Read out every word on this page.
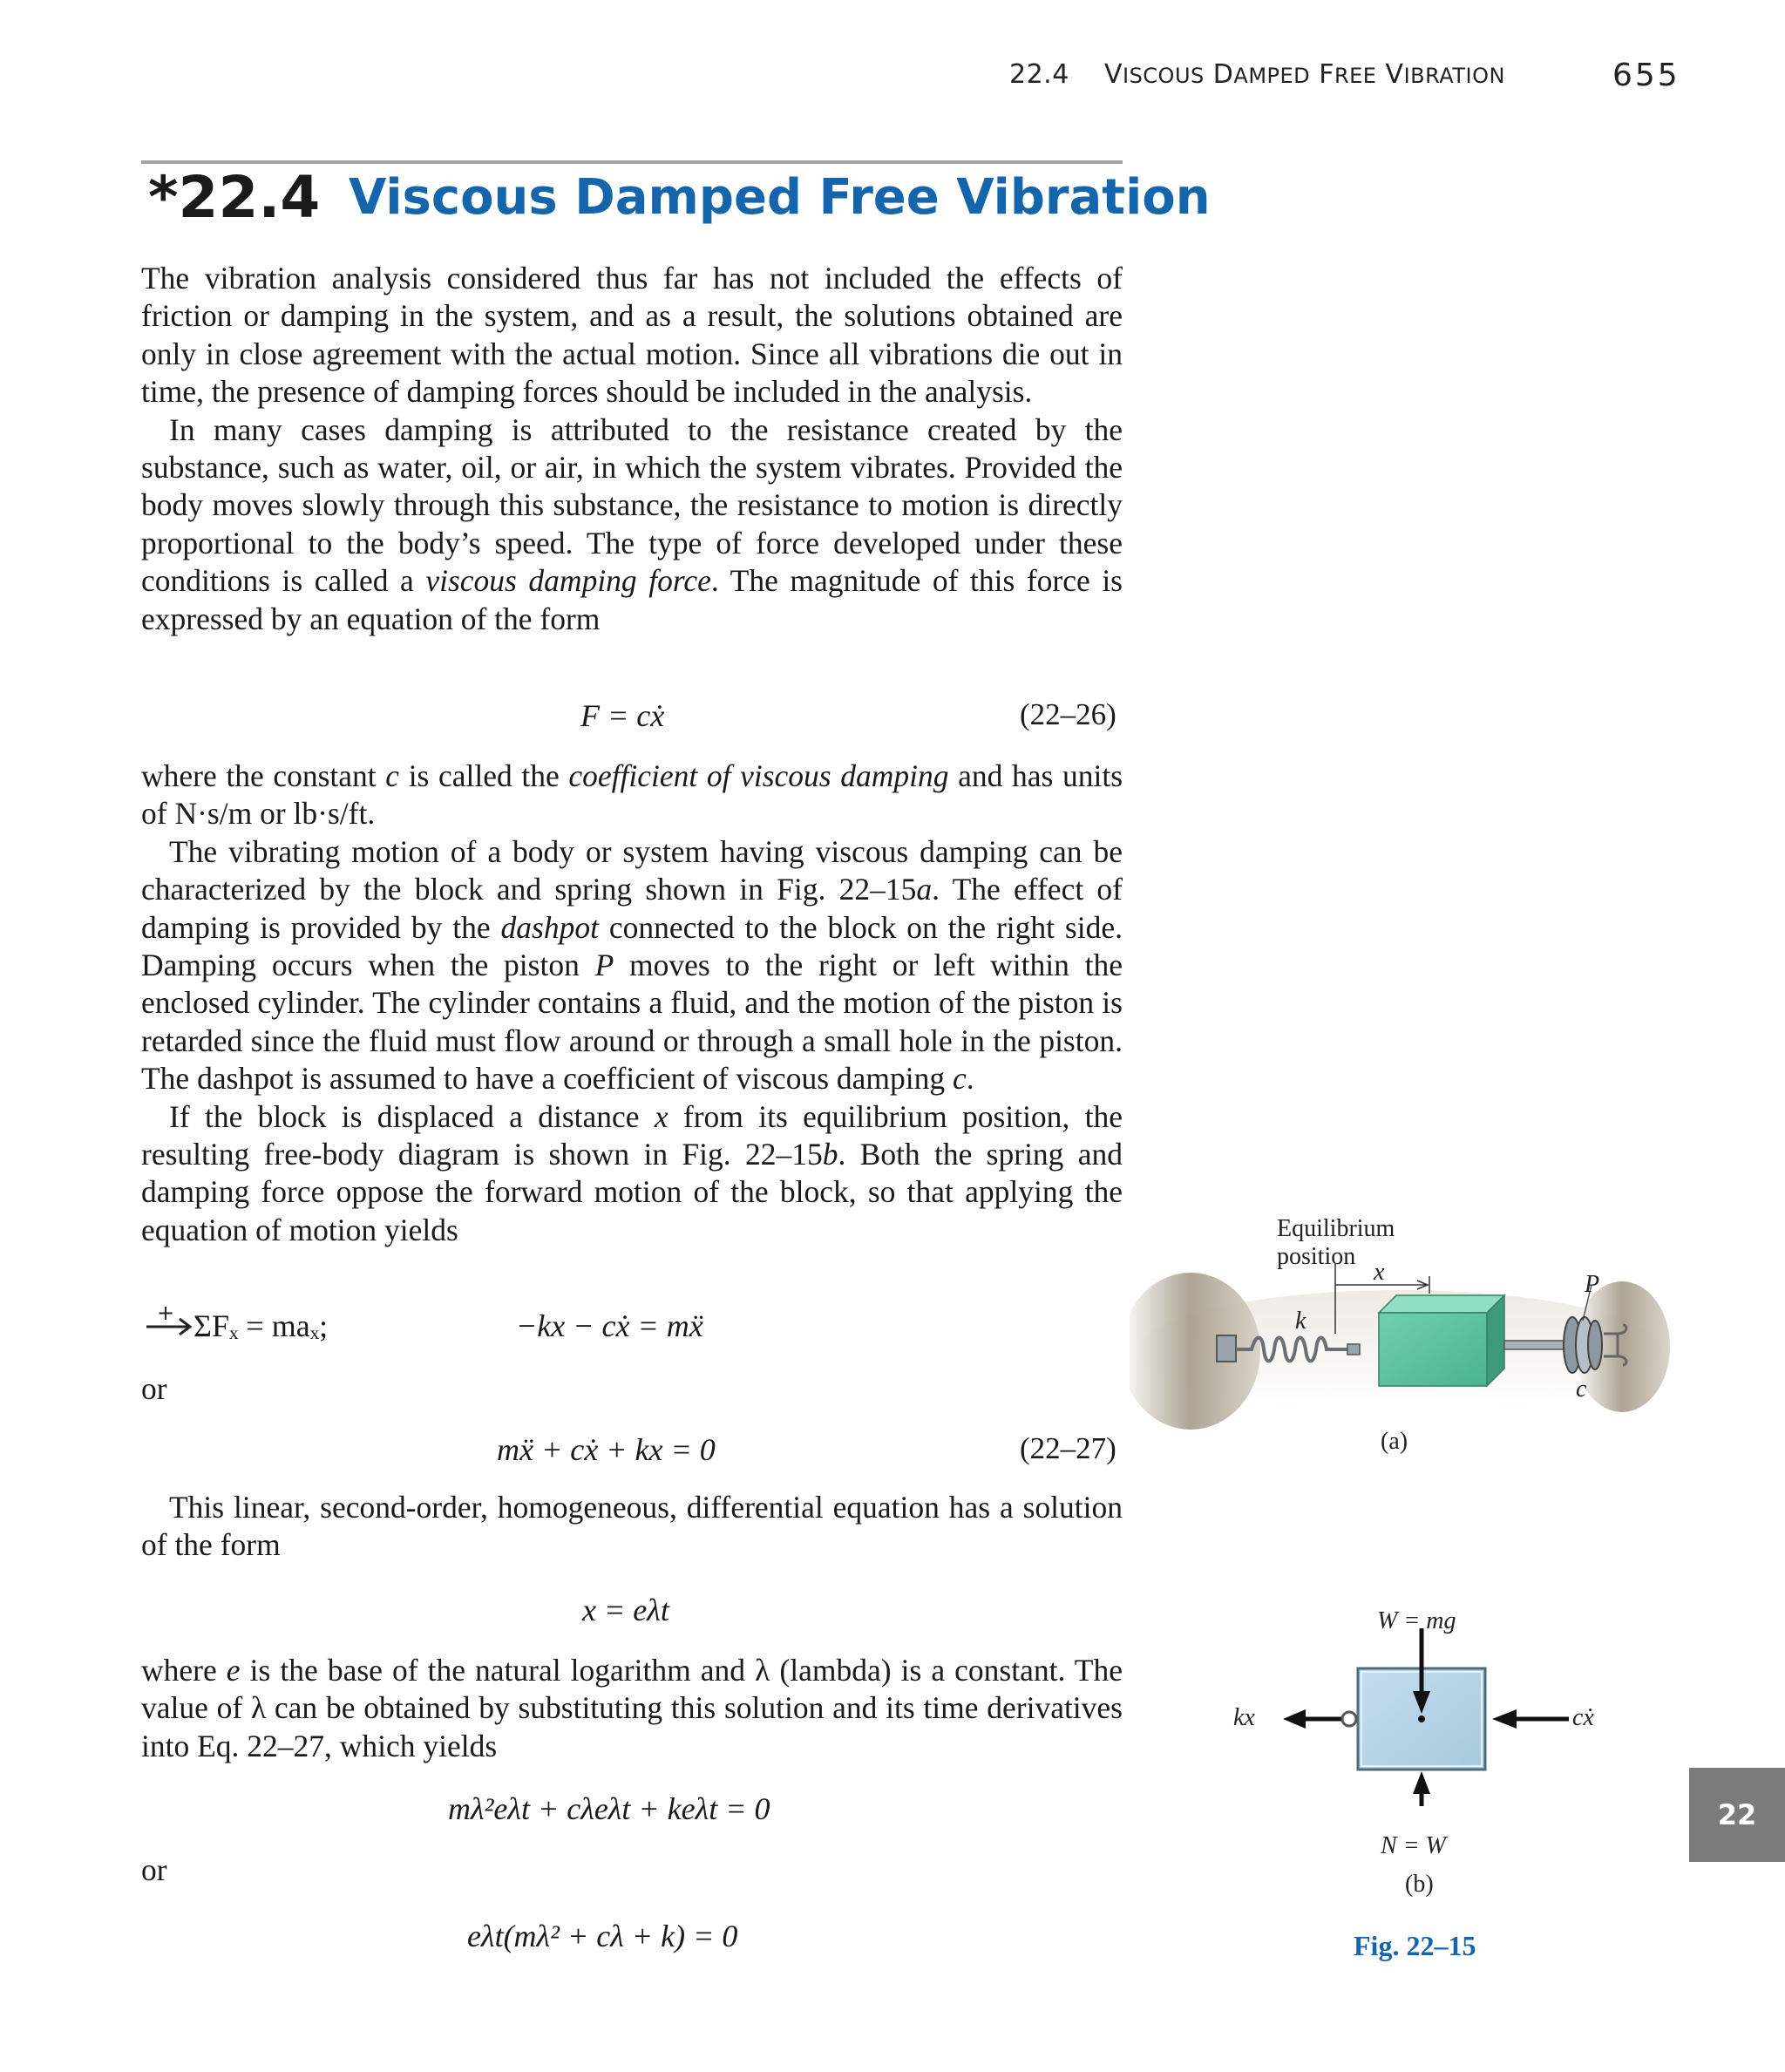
22.4 VISCOUS DAMPED FREE VIBRATION	655
*22.4 Viscous Damped Free Vibration

The vibration analysis considered thus far has not included the effects of friction or damping in the system, and as a result, the solutions obtained are only in close agreement with the actual motion. Since all vibrations die out in time, the presence of damping forces should be included in the analysis.

In many cases damping is attributed to the resistance created by the substance, such as water, oil, or air, in which the system vibrates. Provided the body moves slowly through this substance, the resistance to motion is directly proportional to the body’s speed. The type of force developed under these conditions is called a viscous damping force. The magnitude of this force is expressed by an equation of the form

F = cẋ	(22–26)

where the constant c is called the coefficient of viscous damping and has units of N·s/m or lb·s/ft.

The vibrating motion of a body or system having viscous damping can be characterized by the block and spring shown in Fig. 22–15a. The effect of damping is provided by the dashpot connected to the block on the right side. Damping occurs when the piston P moves to the right or left within the enclosed cylinder. The cylinder contains a fluid, and the motion of the piston is retarded since the fluid must flow around or through a small hole in the piston. The dashpot is assumed to have a coefficient of viscous damping c.

If the block is displaced a distance x from its equilibrium position, the resulting free-body diagram is shown in Fig. 22–15b. Both the spring and damping force oppose the forward motion of the block, so that applying the equation of motion yields

+ ΣFₓ = maₓ;	−kx − cẋ = mẍ
or
mẍ + cẋ + kx = 0	(22–27)

This linear, second-order, homogeneous, differential equation has a solution of the form

x = eλt

where e is the base of the natural logarithm and λ (lambda) is a constant. The value of λ can be obtained by substituting this solution and its time derivatives into Eq. 22–27, which yields

mλ²eλt + cλeλt + keλt = 0
or
eλt(mλ² + cλ + k) = 0
22
Equilibrium
position
x
k
P
c
(a)
W = mg
kx	cẋ
N = W
(b)
Fig. 22–15
